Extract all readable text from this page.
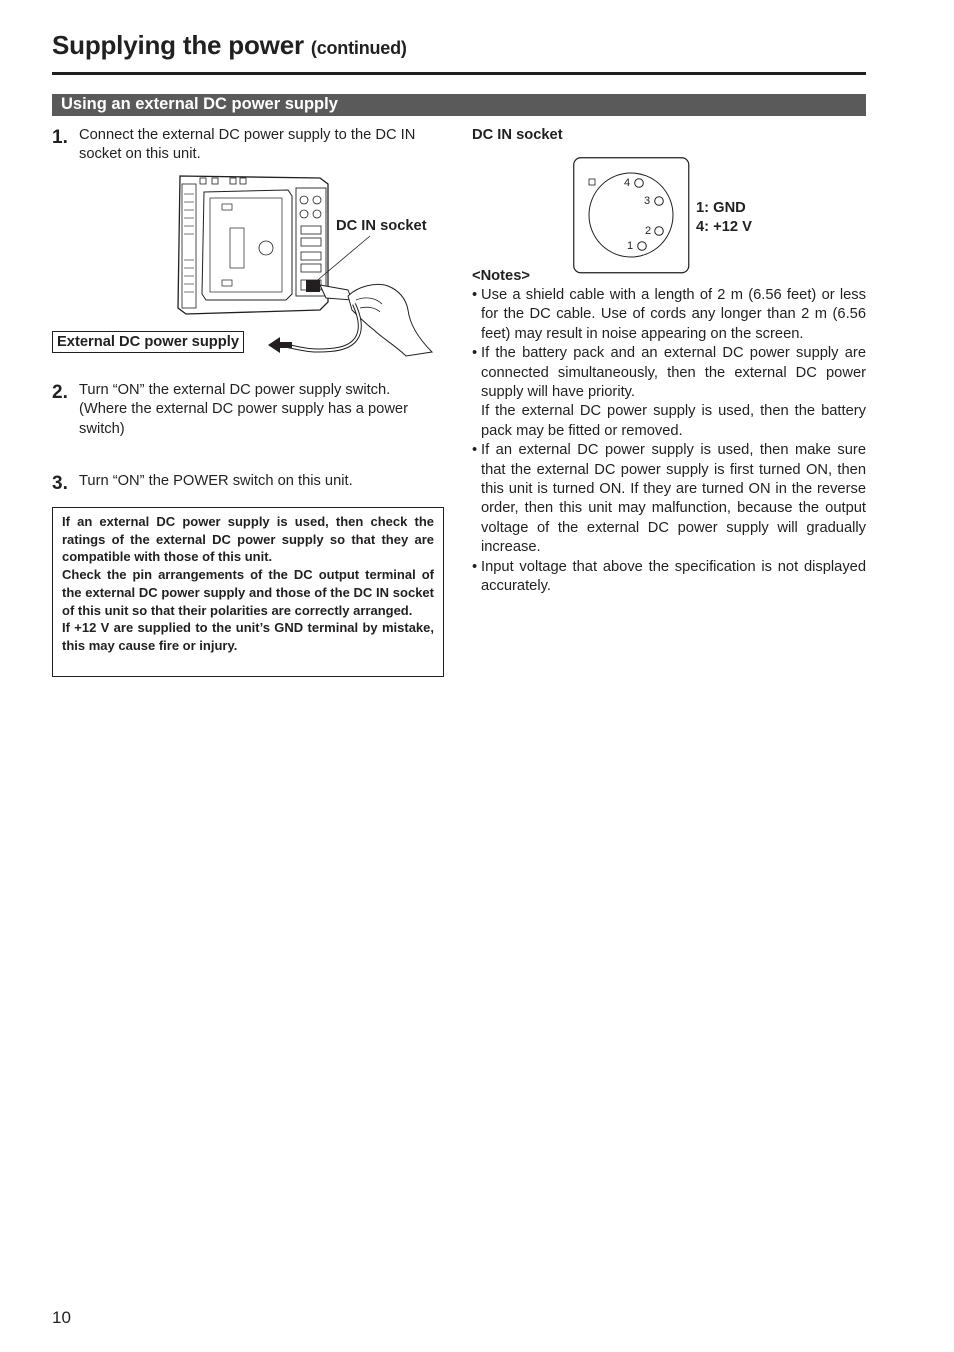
Supplying the power (continued)
Using an external DC power supply
1. Connect the external DC power supply to the DC IN
socket on this unit.
DC IN socket
External DC power supply
2. Turn “ON” the external DC power supply switch.
(Where the external DC power supply has a power
switch)
3. Turn “ON” the POWER switch on this unit.

If an external DC power supply is used, then check the ratings of the external DC power supply so that they are compatible with those of this unit.

Check the pin arrangements of the DC output terminal of the external DC power supply and those of the DC IN socket of this unit so that their polarities are correctly arranged.

If +12 V are supplied to the unit’s GND terminal by mistake, this may cause fire or injury.

DC IN socket
4
3
2
1
1: GND
4: +12 V
<Notes>
• Use a shield cable with a length of 2 m (6.56 feet) or less for the DC cable. Use of cords any longer than 2 m (6.56 feet) may result in noise appearing on the screen.

• If the battery pack and an external DC power supply are connected simultaneously, then the external DC power supply will have priority.

If the external DC power supply is used, then the battery pack may be fitted or removed.

• If an external DC power supply is used, then make sure that the external DC power supply is first turned ON, then this unit is turned ON. If they are turned ON in the reverse order, then this unit may malfunction, because the output voltage of the external DC power supply will gradually increase.

• Input voltage that above the specification is not displayed accurately.

10
